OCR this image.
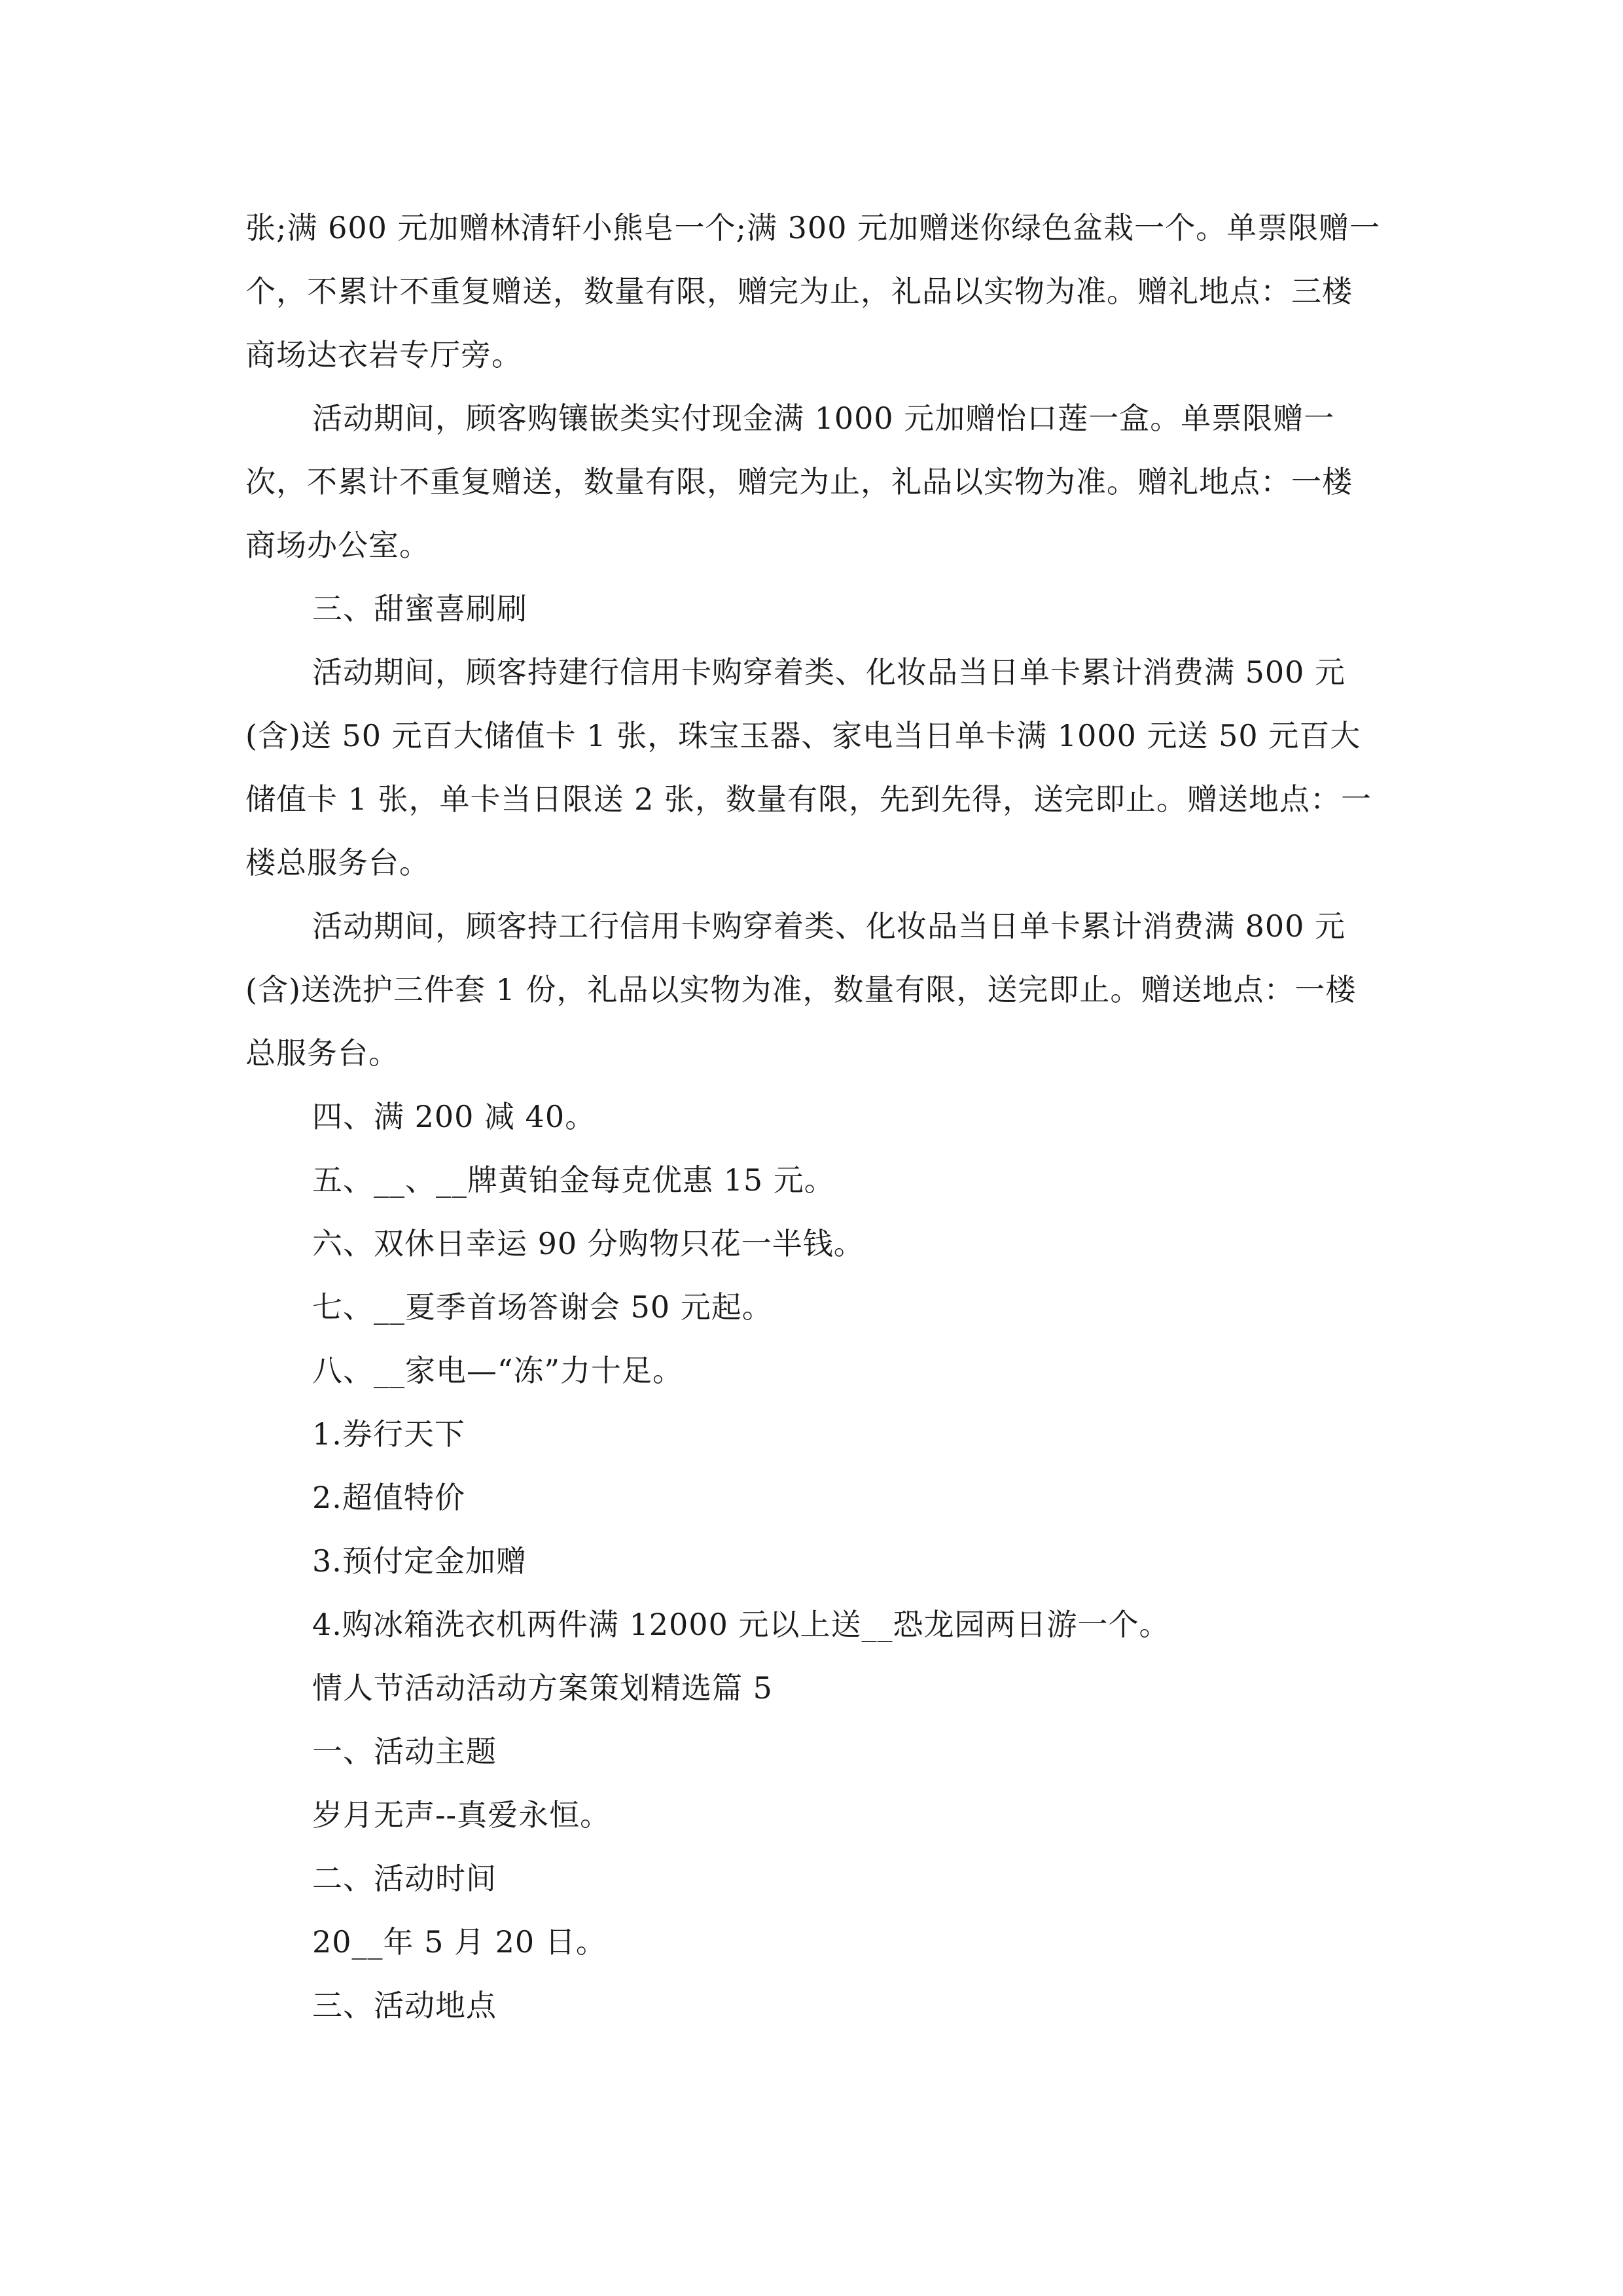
张;满 600 元加赠林清轩小熊皂一个;满 300 元加赠迷你绿色盆栽一个。单票限赠一个，不累计不重复赠送，数量有限，赠完为止，礼品以实物为准。赠礼地点：三楼商场达衣岩专厅旁。

活动期间，顾客购镶嵌类实付现金满 1000 元加赠怡口莲一盒。单票限赠一次，不累计不重复赠送，数量有限，赠完为止，礼品以实物为准。赠礼地点：一楼商场办公室。

三、甜蜜喜刷刷

活动期间，顾客持建行信用卡购穿着类、化妆品当日单卡累计消费满 500 元(含)送 50 元百大储值卡 1 张，珠宝玉器、家电当日单卡满 1000 元送 50 元百大储值卡 1 张，单卡当日限送 2 张，数量有限，先到先得，送完即止。赠送地点：一楼总服务台。

活动期间，顾客持工行信用卡购穿着类、化妆品当日单卡累计消费满 800 元(含)送洗护三件套 1 份，礼品以实物为准，数量有限，送完即止。赠送地点：一楼总服务台。

四、满 200 减 40。

五、__、__牌黄铂金每克优惠 15 元。

六、双休日幸运 90 分购物只花一半钱。

七、__夏季首场答谢会 50 元起。

八、__家电—“冻”力十足。

1.券行天下

2.超值特价

3.预付定金加赠

4.购冰箱洗衣机两件满 12000 元以上送__恐龙园两日游一个。

情人节活动活动方案策划精选篇 5

一、活动主题

岁月无声--真爱永恒。

二、活动时间

20__年 5 月 20 日。

三、活动地点
